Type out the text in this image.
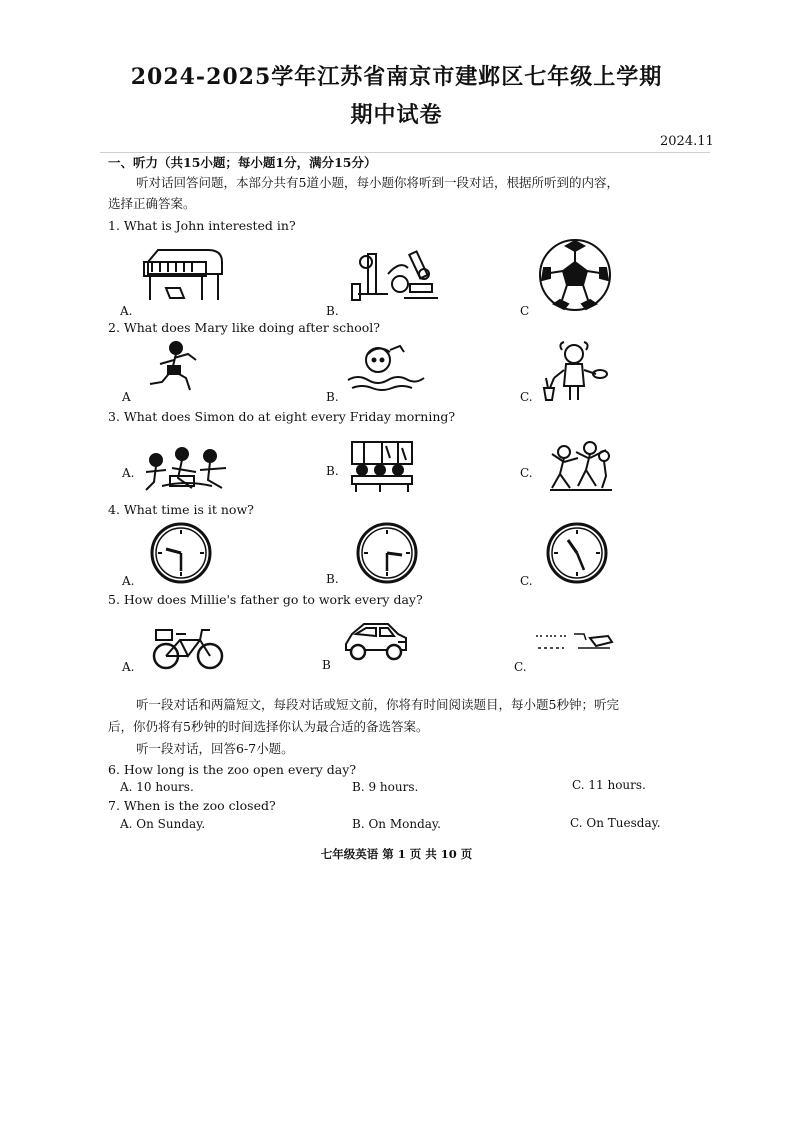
2024-2025学年江苏省南京市建邺区七年级上学期
期中试卷
2024.11
一、听力（共15小题；每小题1分，满分15分）
听对话回答问题，本部分共有5道小题，每小题你将听到一段对话，根据所听到的内容，
选择正确答案。
1. What is John interested in?
A.	B.	C
2. What does Mary like doing after school?
A	B.	C.
3. What does Simon do at eight every Friday morning?
A.	B.	C.
4. What time is it now?
A.	B.	C.
5. How does Millie's father go to work every day?
A.	B	C.
听一段对话和两篇短文，每段对话或短文前，你将有时间阅读题目，每小题5秒钟；听完
后，你仍将有5秒钟的时间选择你认为最合适的备选答案。
听一段对话，回答6-7小题。
6. How long is the zoo open every day?
A. 10 hours.	B. 9 hours.	C. 11 hours.
7. When is the zoo closed?
A. On Sunday.	B. On Monday.	C. On Tuesday.
七年级英语 第 1 页 共 10 页
